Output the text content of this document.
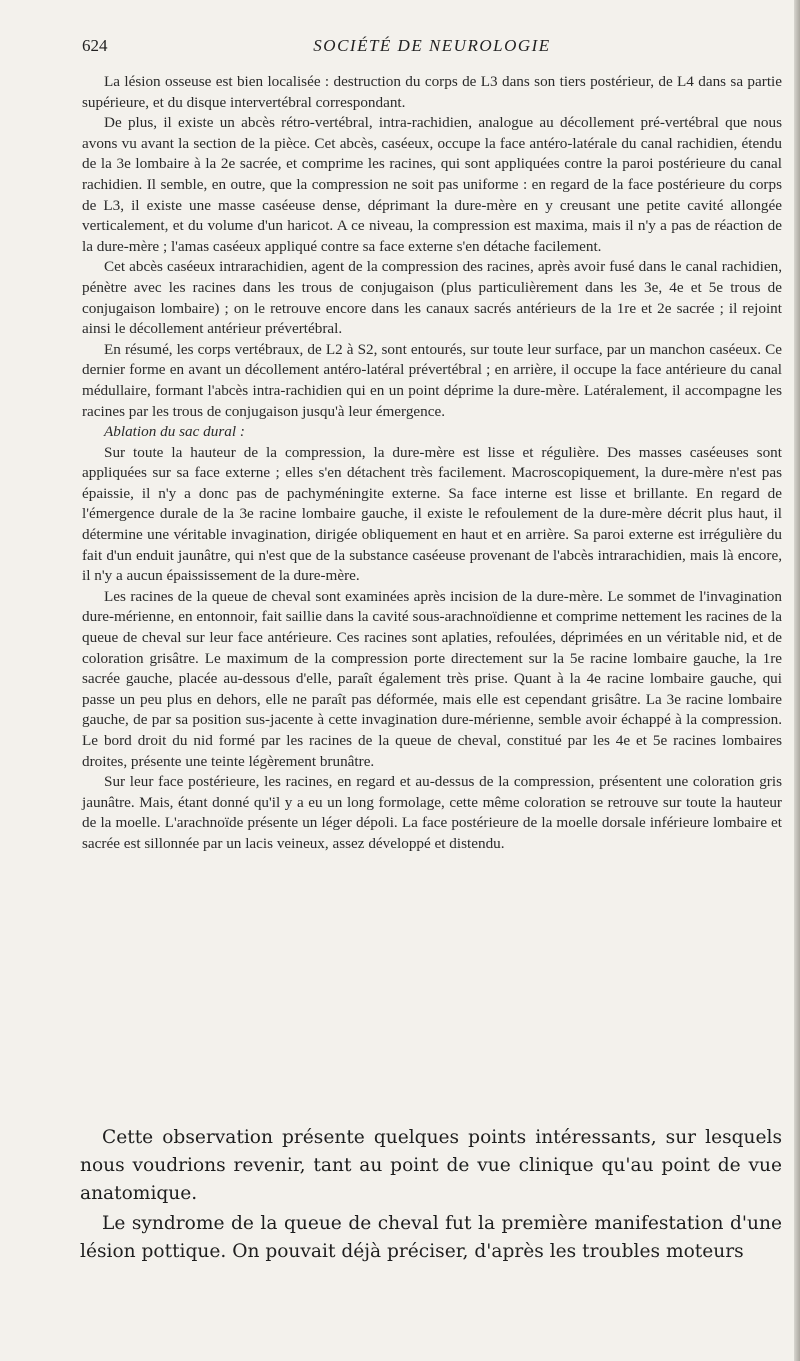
624	SOCIÉTÉ DE NEUROLOGIE

La lésion osseuse est bien localisée : destruction du corps de L3 dans son tiers postérieur, de L4 dans sa partie supérieure, et du disque intervertébral correspondant.

De plus, il existe un abcès rétro-vertébral, intra-rachidien, analogue au décollement pré-vertébral que nous avons vu avant la section de la pièce. Cet abcès, caséeux, occupe la face antéro-latérale du canal rachidien, étendu de la 3e lombaire à la 2e sacrée, et comprime les racines, qui sont appliquées contre la paroi postérieure du canal rachidien. Il semble, en outre, que la compression ne soit pas uniforme : en regard de la face postérieure du corps de L3, il existe une masse caséeuse dense, déprimant la dure-mère en y creusant une petite cavité allongée verticalement, et du volume d'un haricot. A ce niveau, la compression est maxima, mais il n'y a pas de réaction de la dure-mère ; l'amas caséeux appliqué contre sa face externe s'en détache facilement.

Cet abcès caséeux intrarachidien, agent de la compression des racines, après avoir fusé dans le canal rachidien, pénètre avec les racines dans les trous de conjugaison (plus particulièrement dans les 3e, 4e et 5e trous de conjugaison lombaire) ; on le retrouve encore dans les canaux sacrés antérieurs de la 1re et 2e sacrée ; il rejoint ainsi le décollement antérieur prévertébral.

En résumé, les corps vertébraux, de L2 à S2, sont entourés, sur toute leur surface, par un manchon caséeux. Ce dernier forme en avant un décollement antéro-latéral prévertébral ; en arrière, il occupe la face antérieure du canal médullaire, formant l'abcès intra-rachidien qui en un point déprime la dure-mère. Latéralement, il accompagne les racines par les trous de conjugaison jusqu'à leur émergence.

Ablation du sac dural :

Sur toute la hauteur de la compression, la dure-mère est lisse et régulière. Des masses caséeuses sont appliquées sur sa face externe ; elles s'en détachent très facilement. Macroscopiquement, la dure-mère n'est pas épaissie, il n'y a donc pas de pachyméningite externe. Sa face interne est lisse et brillante. En regard de l'émergence durale de la 3e racine lombaire gauche, il existe le refoulement de la dure-mère décrit plus haut, il détermine une véritable invagination, dirigée obliquement en haut et en arrière. Sa paroi externe est irrégulière du fait d'un enduit jaunâtre, qui n'est que de la substance caséeuse provenant de l'abcès intrarachidien, mais là encore, il n'y a aucun épaississement de la dure-mère.

Les racines de la queue de cheval sont examinées après incision de la dure-mère. Le sommet de l'invagination dure-mérienne, en entonnoir, fait saillie dans la cavité sous-arachnoïdienne et comprime nettement les racines de la queue de cheval sur leur face antérieure. Ces racines sont aplaties, refoulées, déprimées en un véritable nid, et de coloration grisâtre. Le maximum de la compression porte directement sur la 5e racine lombaire gauche, la 1re sacrée gauche, placée au-dessous d'elle, paraît également très prise. Quant à la 4e racine lombaire gauche, qui passe un peu plus en dehors, elle ne paraît pas déformée, mais elle est cependant grisâtre. La 3e racine lombaire gauche, de par sa position sus-jacente à cette invagination dure-mérienne, semble avoir échappé à la compression. Le bord droit du nid formé par les racines de la queue de cheval, constitué par les 4e et 5e racines lombaires droites, présente une teinte légèrement brunâtre.

Sur leur face postérieure, les racines, en regard et au-dessus de la compression, présentent une coloration gris jaunâtre. Mais, étant donné qu'il y a eu un long formolage, cette même coloration se retrouve sur toute la hauteur de la moelle. L'arachnoïde présente un léger dépoli. La face postérieure de la moelle dorsale inférieure lombaire et sacrée est sillonnée par un lacis veineux, assez développé et distendu.

Cette observation présente quelques points intéressants, sur lesquels nous voudrions revenir, tant au point de vue clinique qu'au point de vue anatomique.

Le syndrome de la queue de cheval fut la première manifestation d'une lésion pottique. On pouvait déjà préciser, d'après les troubles moteurs
